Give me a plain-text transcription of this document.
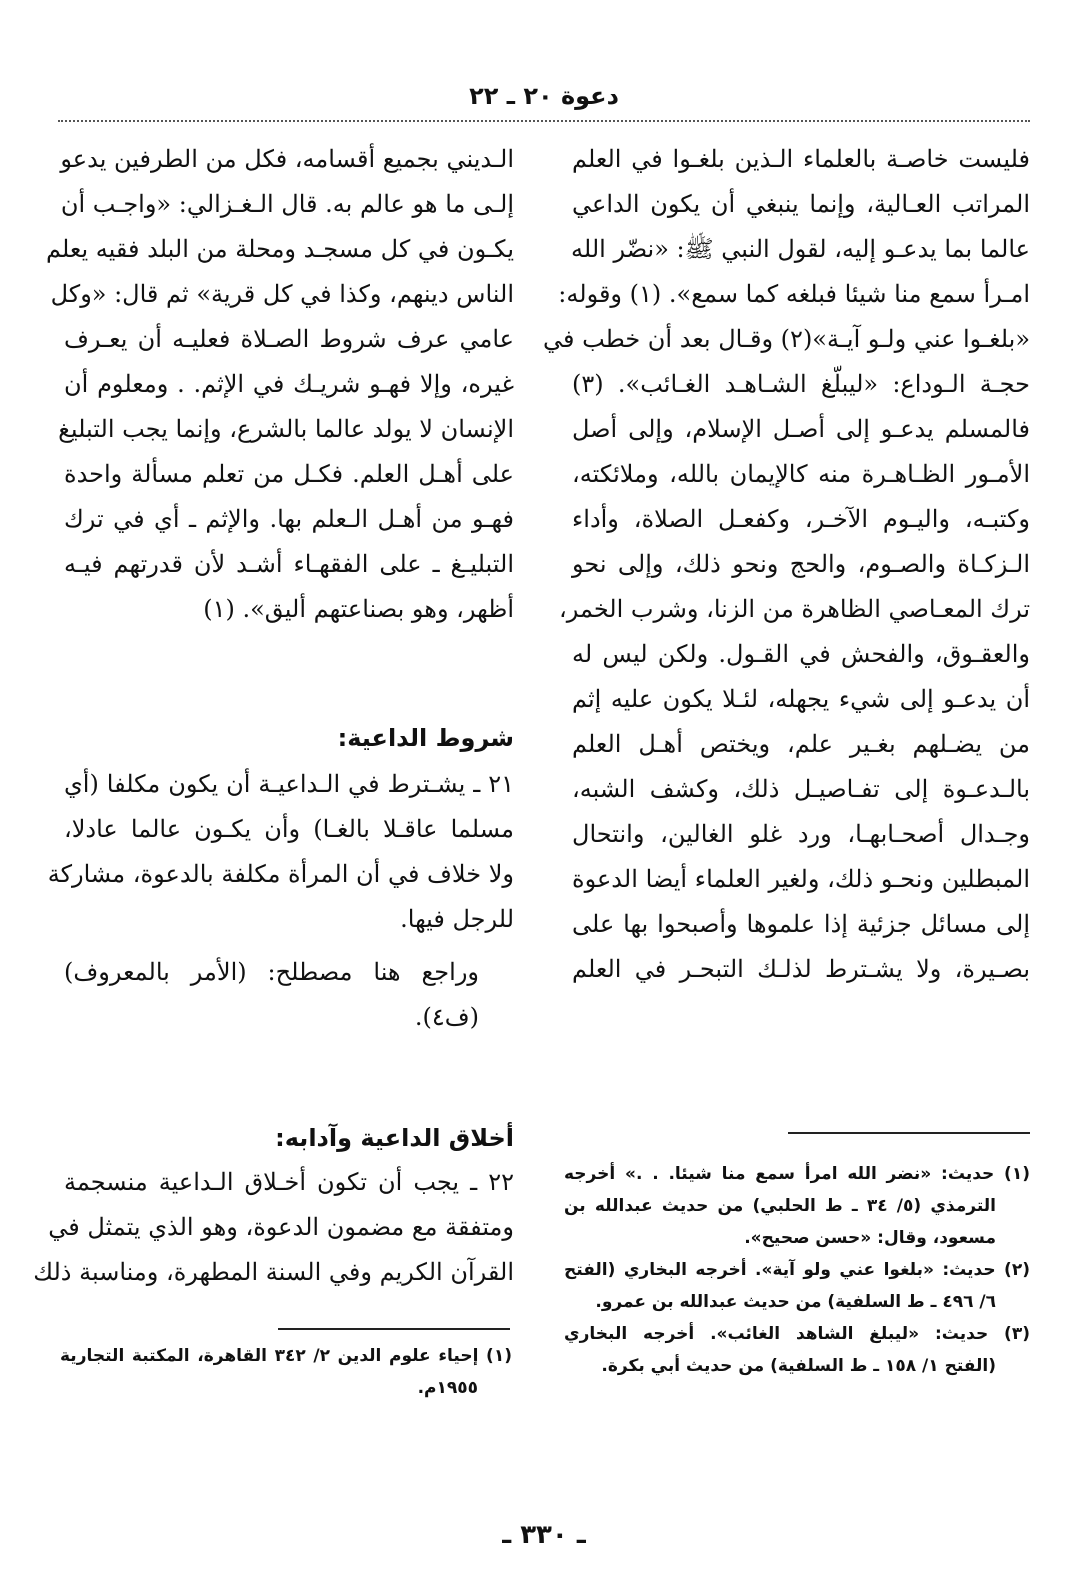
دعوة ٢٠ ـ ٢٢
فليست خاصـة بالعلماء الـذين بلغـوا في العلم
المراتب العـالية، وإنما ينبغي أن يكون الداعي
عالما بما يدعـو إليه، لقول النبي ﷺ: «نضّر الله
امـرأ سمع منا شيئا فبلغه كما سمع». (١) وقوله:
«بلغـوا عني ولـو آيـة»(٢) وقـال بعد أن خطب في
حجـة الـوداع: «ليبلّغ الشـاهـد الغـائب». (٣)
فالمسلم يدعـو إلى أصـل الإسلام، وإلى أصل
الأمـور الظـاهـرة منه كالإيمان بالله، وملائكته،
وكتبـه، واليـوم الآخـر، وكفعـل الصلاة، وأداء
الـزكـاة والصـوم، والحج ونحو ذلك، وإلى نحو
ترك المعـاصي الظاهرة من الزنا، وشرب الخمر،
والعقـوق، والفحش في القـول. ولكن ليس له
أن يدعـو إلى شيء يجهله، لئـلا يكون عليه إثم
من يضـلهم بغـير علم، ويختص أهـل العلم
بالـدعـوة إلى تفـاصيـل ذلك، وكشف الشبه،
وجـدال أصحـابهـا، ورد غلو الغالين، وانتحال
المبطلين ونحـو ذلك، ولغير العلماء أيضا الدعوة
إلى مسائل جزئية إذا علموها وأصبحوا بها على
بصـيرة، ولا يشـترط لذلـك التبحـر في العلم
(١) حديث: «نضر الله امرأ سمع منا شيئا. . .» أخرجه
الترمذي (٥/ ٣٤ ـ ط الحلبي) من حديث عبدالله بن
مسعود، وقال: «حسن صحيح».
(٢) حديث: «بلغوا عني ولو آية». أخرجه البخاري (الفتح
٦/ ٤٩٦ ـ ط السلفية) من حديث عبدالله بن عمرو.
(٣) حديث: «ليبلغ الشاهد الغائب». أخرجه البخاري
(الفتح ١/ ١٥٨ ـ ط السلفية) من حديث أبي بكرة.
الـديني بجميع أقسامه، فكل من الطرفين يدعو
إلـى ما هو عالم به. قال الـغـزالي: «واجـب أن
يكـون في كل مسجـد ومحلة من البلد فقيه يعلم
الناس دينهم، وكذا في كل قرية» ثم قال: «وكل
عامي عرف شروط الصـلاة فعليـه أن يعـرف
غيره، وإلا فهـو شريـك في الإثم. . ومعلوم أن
الإنسان لا يولد عالما بالشرع، وإنما يجب التبليغ
على أهـل العلم. فكـل من تعلم مسألة واحدة
فهـو من أهـل الـعلم بها. والإثم ـ أي في ترك
التبليـغ ـ على الفقهـاء أشـد لأن قدرتهم فيـه
أظهر، وهو بصناعتهم أليق». (١)
شروط الداعية:
٢١ ـ يشـترط في الـداعيـة أن يكون مكلفا (أي
مسلما عاقـلا بالغـا) وأن يكـون عالما عادلا،
ولا خلاف في أن المرأة مكلفة بالدعوة، مشاركة
للرجل فيها.
وراجع هنا مصطلح: (الأمر بالمعروف)
(ف٤).
أخلاق الداعية وآدابه:
٢٢ ـ يجب أن تكون أخـلاق الـداعية منسجمة
ومتفقة مع مضمون الدعوة، وهو الذي يتمثل في
القرآن الكريم وفي السنة المطهرة، ومناسبة ذلك
(١) إحياء علوم الدين ٢/ ٣٤٢ القاهرة، المكتبة التجارية
١٩٥٥م.
ـ ٣٣٠ ـ
